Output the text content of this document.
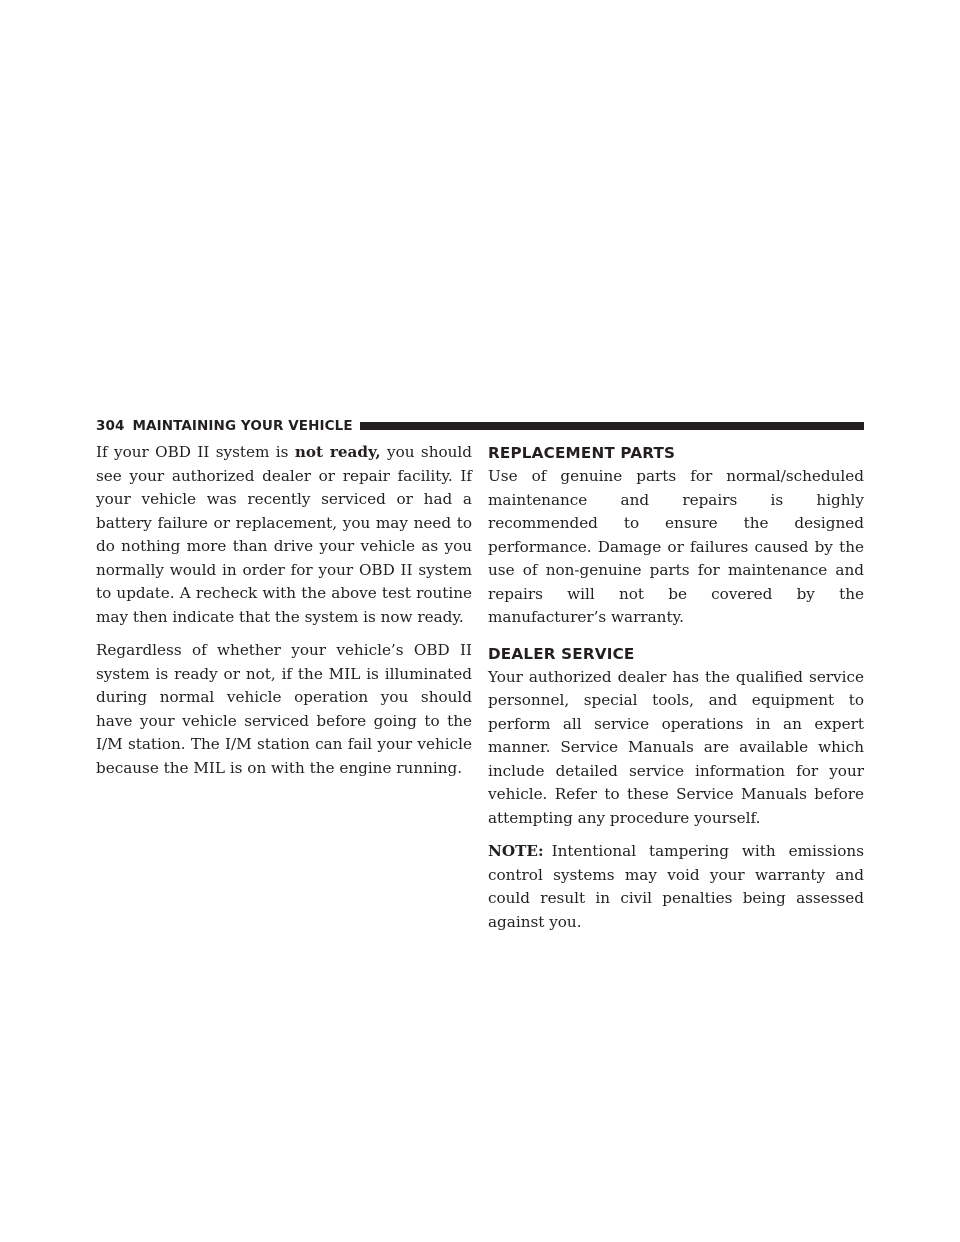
304 MAINTAINING YOUR VEHICLE

If your OBD II system is not ready, you should see your authorized dealer or repair facility. If your vehicle was recently serviced or had a battery failure or replacement, you may need to do nothing more than drive your vehicle as you normally would in order for your OBD II system to update. A recheck with the above test routine may then indicate that the system is now ready.

Regardless of whether your vehicle’s OBD II system is ready or not, if the MIL is illuminated during normal vehicle operation you should have your vehicle serviced before going to the I/M station. The I/M station can fail your vehicle because the MIL is on with the engine running.

REPLACEMENT PARTS

Use of genuine parts for normal/scheduled maintenance and repairs is highly recommended to ensure the designed performance. Damage or failures caused by the use of non-genuine parts for maintenance and repairs will not be covered by the manufacturer’s warranty.

DEALER SERVICE

Your authorized dealer has the qualified service personnel, special tools, and equipment to perform all service operations in an expert manner. Service Manuals are available which include detailed service information for your vehicle. Refer to these Service Manuals before attempting any procedure yourself.

NOTE: Intentional tampering with emissions control systems may void your warranty and could result in civil penalties being assessed against you.
